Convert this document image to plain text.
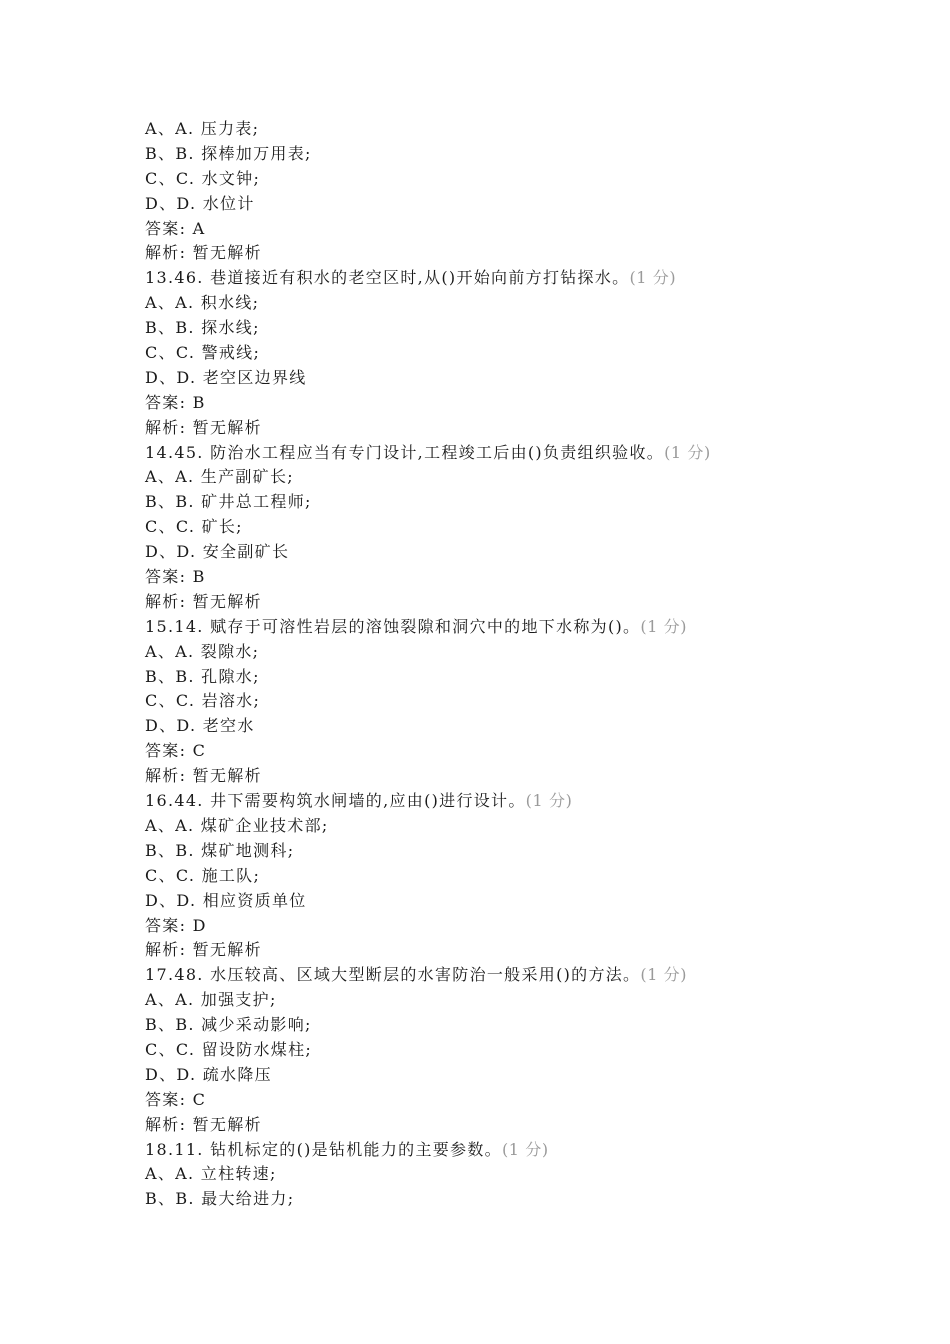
A、A. 压力表;
B、B. 探棒加万用表;
C、C. 水文钟;
D、D. 水位计
答案: A
解析: 暂无解析
13.46. 巷道接近有积水的老空区时,从()开始向前方打钻探水。(1 分)
A、A. 积水线;
B、B. 探水线;
C、C. 警戒线;
D、D. 老空区边界线
答案: B
解析: 暂无解析
14.45. 防治水工程应当有专门设计,工程竣工后由()负责组织验收。(1 分)
A、A. 生产副矿长;
B、B. 矿井总工程师;
C、C. 矿长;
D、D. 安全副矿长
答案: B
解析: 暂无解析
15.14. 赋存于可溶性岩层的溶蚀裂隙和洞穴中的地下水称为()。(1 分)
A、A. 裂隙水;
B、B. 孔隙水;
C、C. 岩溶水;
D、D. 老空水
答案: C
解析: 暂无解析
16.44. 井下需要构筑水闸墙的,应由()进行设计。(1 分)
A、A. 煤矿企业技术部;
B、B. 煤矿地测科;
C、C. 施工队;
D、D. 相应资质单位
答案: D
解析: 暂无解析
17.48. 水压较高、区域大型断层的水害防治一般采用()的方法。(1 分)
A、A. 加强支护;
B、B. 减少采动影响;
C、C. 留设防水煤柱;
D、D. 疏水降压
答案: C
解析: 暂无解析
18.11. 钻机标定的()是钻机能力的主要参数。(1 分)
A、A. 立柱转速;
B、B. 最大给进力;
